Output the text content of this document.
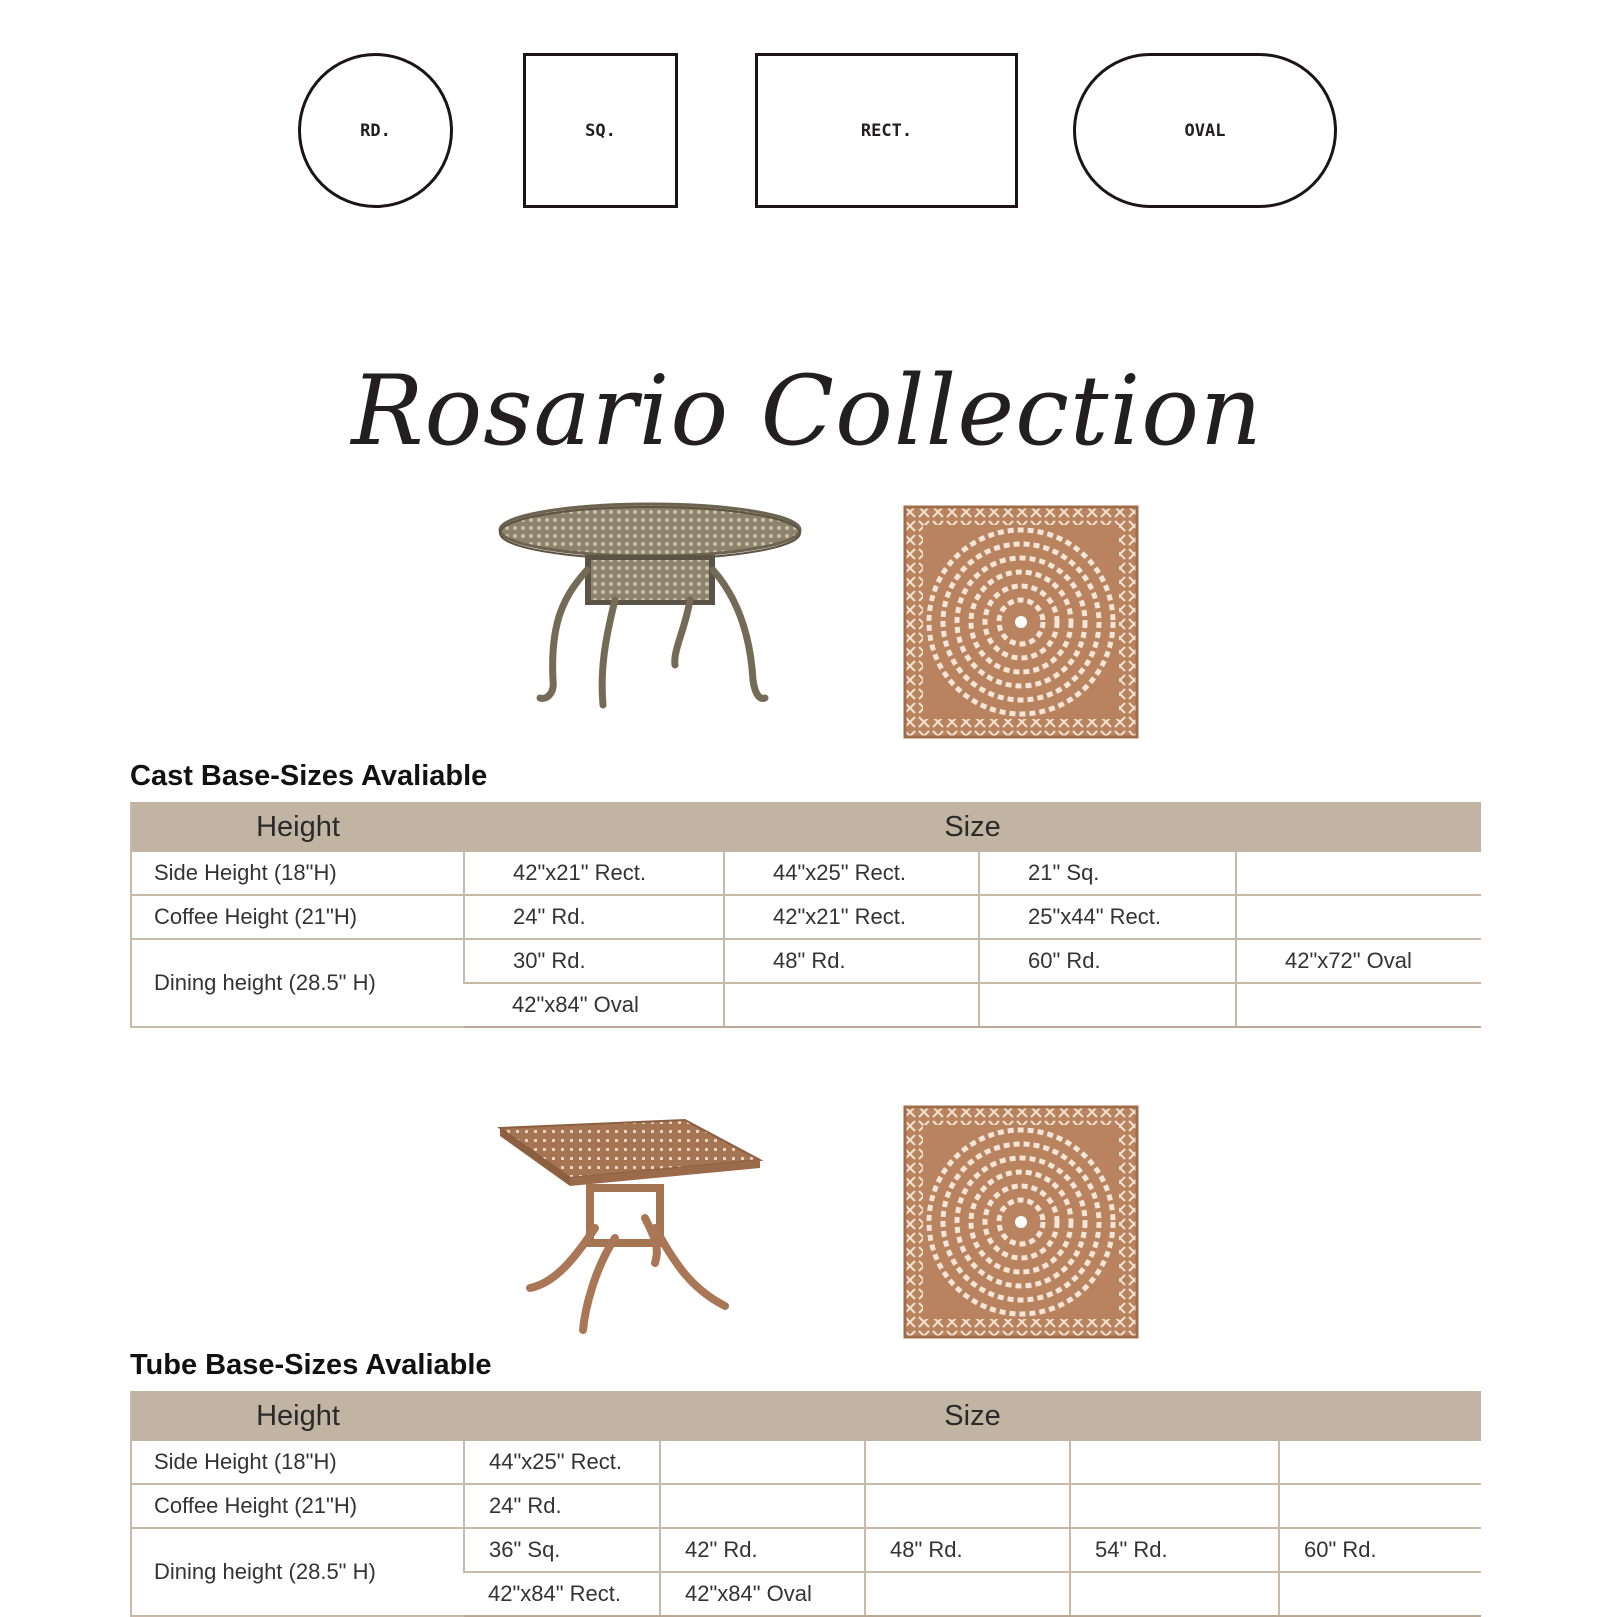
RD.	SQ.	RECT.	OVAL
Rosario Collection
Cast Base-Sizes Avaliable
Height	Size			
Side Height (18"H)	42"x21" Rect.	44"x25" Rect.	21" Sq.	
Coffee Height (21"H)	24" Rd.	42"x21" Rect.	25"x44" Rect.	
Dining height (28.5" H)	30" Rd.	48" Rd.	60" Rd.	42"x72" Oval
	42"x84" Oval			
Tube Base-Sizes Avaliable
Height	Size				
Side Height (18"H)	44"x25" Rect.				
Coffee Height (21"H)	24" Rd.				
Dining height (28.5" H)	36" Sq.	42" Rd.	48" Rd.	54" Rd.	60" Rd.
	42"x84" Rect.	42"x84" Oval			
